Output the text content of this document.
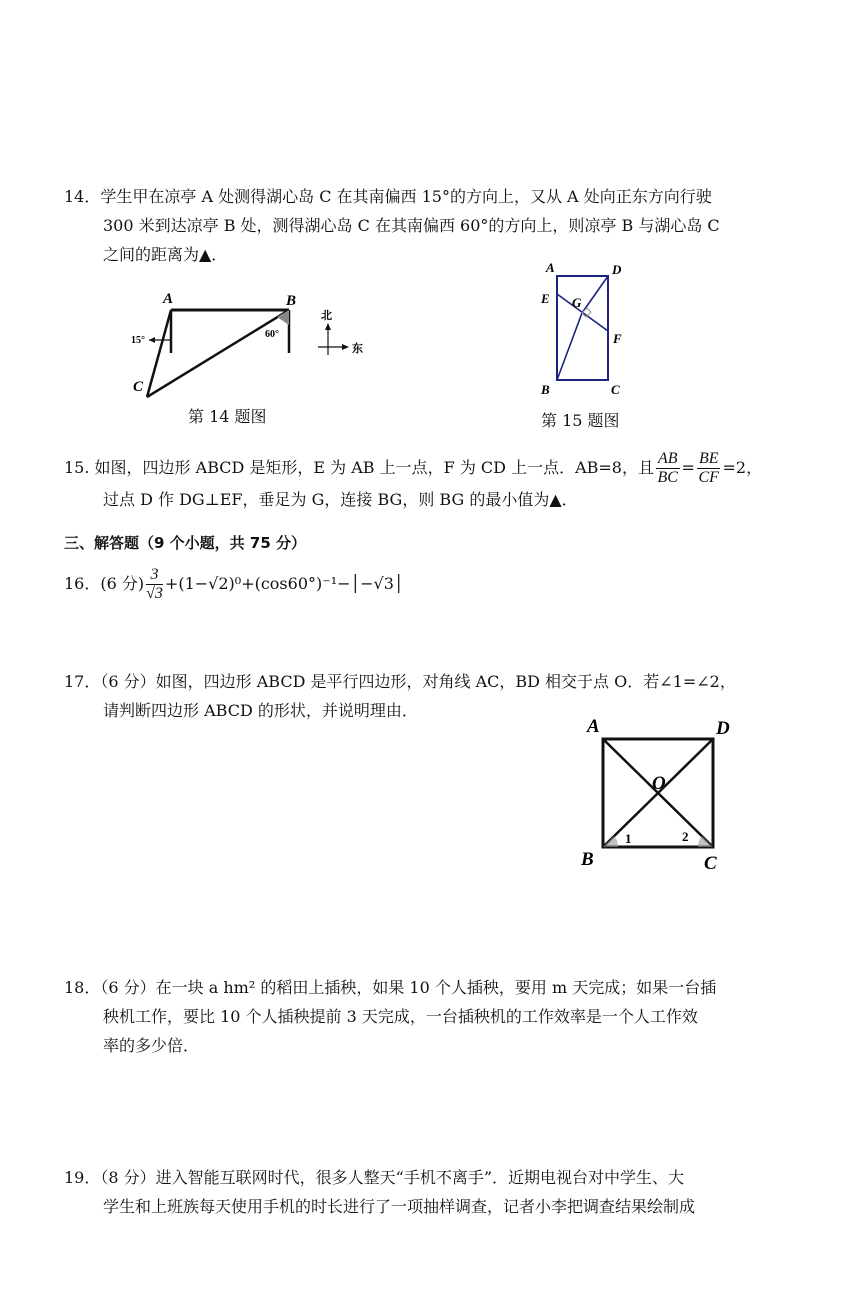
14．学生甲在凉亭 A 处测得湖心岛 C 在其南偏西 15°的方向上，又从 A 处向正东方向行驶
300 米到达凉亭 B 处，测得湖心岛 C 在其南偏西 60°的方向上，则凉亭 B 与湖心岛 C
之间的距离为▲．
A	B
C
15°
60°
北
东
第 14 题图
A	D
E G
F
B	C
第 15 题图
15. 如图，四边形 ABCD 是矩形，E 为 AB 上一点，F 为 CD 上一点．AB=8，且 $\frac{AB}{BC} = \frac{BE}{CF} =2$，
过点 D 作 DG⊥EF，垂足为 G，连接 BG，则 BG 的最小值为▲．
三、解答题（9 个小题，共 75 分）
16．(6 分) $\frac{3}{√3}$ +(1−√2)⁰+(cos60°)⁻¹−│−√3│
17．（6 分）如图，四边形 ABCD 是平行四边形，对角线 AC，BD 相交于点 O．若∠1=∠2，
请判断四边形 ABCD 的形状，并说明理由．
A	D
O
B	C
1	2
18．（6 分）在一块 a hm² 的稻田上插秧，如果 10 个人插秧，要用 m 天完成；如果一台插
秧机工作，要比 10 个人插秧提前 3 天完成，一台插秧机的工作效率是一个人工作效
率的多少倍．
19．（8 分）进入智能互联网时代，很多人整天“手机不离手”．近期电视台对中学生、大
学生和上班族每天使用手机的时长进行了一项抽样调查，记者小李把调查结果绘制成
